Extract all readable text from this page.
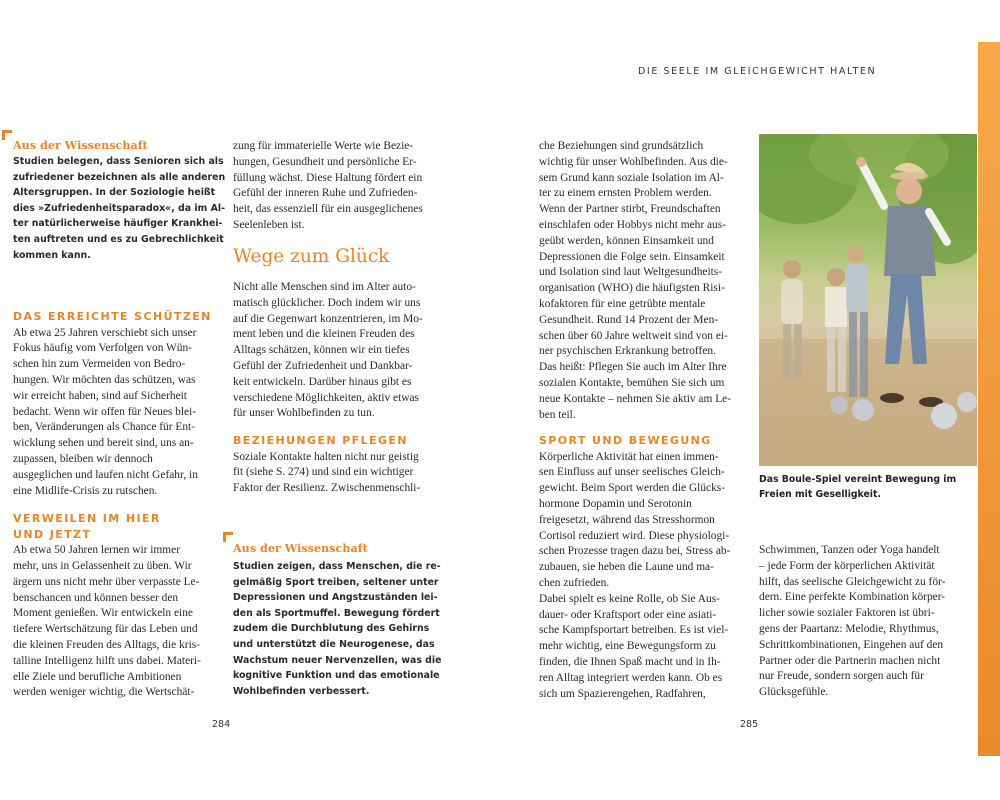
DIE SEELE IM GLEICHGEWICHT HALTEN
Aus der Wissenschaft
Studien belegen, dass Senioren sich als
zufriedener bezeichnen als alle anderen
Altersgruppen. In der Soziologie heißt
dies »Zufriedenheitsparadox«, da im Al-
ter natürlicherweise häufiger Krankhei-
ten auftreten und es zu Gebrechlichkeit
kommen kann.
DAS ERREICHTE SCHÜTZEN
Ab etwa 25 Jahren verschiebt sich unser
Fokus häufig vom Verfolgen von Wün-
schen hin zum Vermeiden von Bedro-
hungen. Wir möchten das schützen, was
wir erreicht haben, sind auf Sicherheit
bedacht. Wenn wir offen für Neues blei-
ben, Veränderungen als Chance für Ent-
wicklung sehen und bereit sind, uns an-
zupassen, bleiben wir dennoch
ausgeglichen und laufen nicht Gefahr, in
eine Midlife-Crisis zu rutschen.
VERWEILEN IM HIER
UND JETZT
Ab etwa 50 Jahren lernen wir immer
mehr, uns in Gelassenheit zu üben. Wir
ärgern uns nicht mehr über verpasste Le-
benschancen und können besser den
Moment genießen. Wir entwickeln eine
tiefere Wertschätzung für das Leben und
die kleinen Freuden des Alltags, die kris-
talline Intelligenz hilft uns dabei. Materi-
elle Ziele und berufliche Ambitionen
werden weniger wichtig, die Wertschät-
zung für immaterielle Werte wie Bezie-
hungen, Gesundheit und persönliche Er-
füllung wächst. Diese Haltung fördert ein
Gefühl der inneren Ruhe und Zufrieden-
heit, das essenziell für ein ausgeglichenes
Seelenleben ist.
Wege zum Glück
Nicht alle Menschen sind im Alter auto-
matisch glücklicher. Doch indem wir uns
auf die Gegenwart konzentrieren, im Mo-
ment leben und die kleinen Freuden des
Alltags schätzen, können wir ein tiefes
Gefühl der Zufriedenheit und Dankbar-
keit entwickeln. Darüber hinaus gibt es
verschiedene Möglichkeiten, aktiv etwas
für unser Wohlbefinden zu tun.
BEZIEHUNGEN PFLEGEN
Soziale Kontakte halten nicht nur geistig
fit (siehe S. 274) und sind ein wichtiger
Faktor der Resilienz. Zwischenmenschli-
Aus der Wissenschaft
Studien zeigen, dass Menschen, die re-
gelmäßig Sport treiben, seltener unter
Depressionen und Angstzuständen lei-
den als Sportmuffel. Bewegung fördert
zudem die Durchblutung des Gehirns
und unterstützt die Neurogenese, das
Wachstum neuer Nervenzellen, was die
kognitive Funktion und das emotionale
Wohlbefinden verbessert.
284
che Beziehungen sind grundsätzlich
wichtig für unser Wohlbefinden. Aus die-
sem Grund kann soziale Isolation im Al-
ter zu einem ernsten Problem werden.
Wenn der Partner stirbt, Freundschaften
einschlafen oder Hobbys nicht mehr aus-
geübt werden, können Einsamkeit und
Depressionen die Folge sein. Einsamkeit
und Isolation sind laut Weltgesundheits-
organisation (WHO) die häufigsten Risi-
kofaktoren für eine getrübte mentale
Gesundheit. Rund 14 Prozent der Men-
schen über 60 Jahre weltweit sind von ei-
ner psychischen Erkrankung betroffen.
Das heißt: Pflegen Sie auch im Alter Ihre
sozialen Kontakte, bemühen Sie sich um
neue Kontakte – nehmen Sie aktiv am Le-
ben teil.
SPORT UND BEWEGUNG
Körperliche Aktivität hat einen immen-
sen Einfluss auf unser seelisches Gleich-
gewicht. Beim Sport werden die Glücks-
hormone Dopamin und Serotonin
freigesetzt, während das Stresshormon
Cortisol reduziert wird. Diese physiologi-
schen Prozesse tragen dazu bei, Stress ab-
zubauen, sie heben die Laune und ma-
chen zufrieden.
Dabei spielt es keine Rolle, ob Sie Aus-
dauer- oder Kraftsport oder eine asiati-
sche Kampfsportart betreiben. Es ist viel-
mehr wichtig, eine Bewegungsform zu
finden, die Ihnen Spaß macht und in Ih-
ren Alltag integriert werden kann. Ob es
sich um Spazierengehen, Radfahren,
Das Boule-Spiel vereint Bewegung im
Freien mit Geselligkeit.
Schwimmen, Tanzen oder Yoga handelt
– jede Form der körperlichen Aktivität
hilft, das seelische Gleichgewicht zu för-
dern. Eine perfekte Kombination körper-
licher sowie sozialer Faktoren ist übri-
gens der Paartanz: Melodie, Rhythmus,
Schrittkombinationen, Eingehen auf den
Partner oder die Partnerin machen nicht
nur Freude, sondern sorgen auch für
Glücksgefühle.
285
